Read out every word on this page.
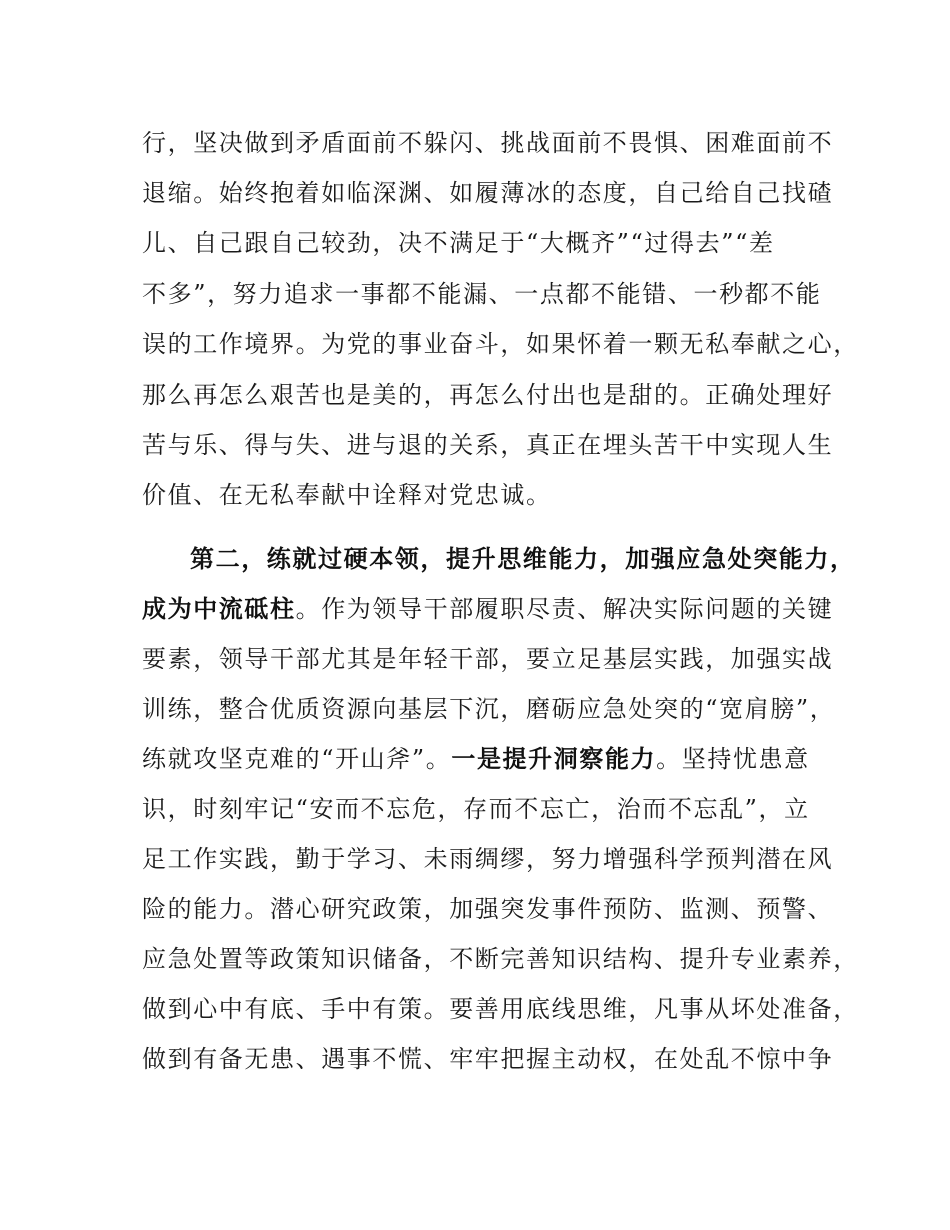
行，坚决做到矛盾面前不躲闪、挑战面前不畏惧、困难面前不
退缩。始终抱着如临深渊、如履薄冰的态度，自己给自己找碴
儿、自己跟自己较劲，决不满足于“大概齐”“过得去”“差
不多”，努力追求一事都不能漏、一点都不能错、一秒都不能
误的工作境界。为党的事业奋斗，如果怀着一颗无私奉献之心，
那么再怎么艰苦也是美的，再怎么付出也是甜的。正确处理好
苦与乐、得与失、进与退的关系，真正在埋头苦干中实现人生
价值、在无私奉献中诠释对党忠诚。
第二，练就过硬本领，提升思维能力，加强应急处突能力，
成为中流砥柱。作为领导干部履职尽责、解决实际问题的关键
要素，领导干部尤其是年轻干部，要立足基层实践，加强实战
训练，整合优质资源向基层下沉，磨砺应急处突的“宽肩膀”，
练就攻坚克难的“开山斧”。一是提升洞察能力。坚持忧患意
识，时刻牢记“安而不忘危，存而不忘亡，治而不忘乱”，立
足工作实践，勤于学习、未雨绸缪，努力增强科学预判潜在风
险的能力。潜心研究政策，加强突发事件预防、监测、预警、
应急处置等政策知识储备，不断完善知识结构、提升专业素养，
做到心中有底、手中有策。要善用底线思维，凡事从坏处准备，
做到有备无患、遇事不慌、牢牢把握主动权，在处乱不惊中争
